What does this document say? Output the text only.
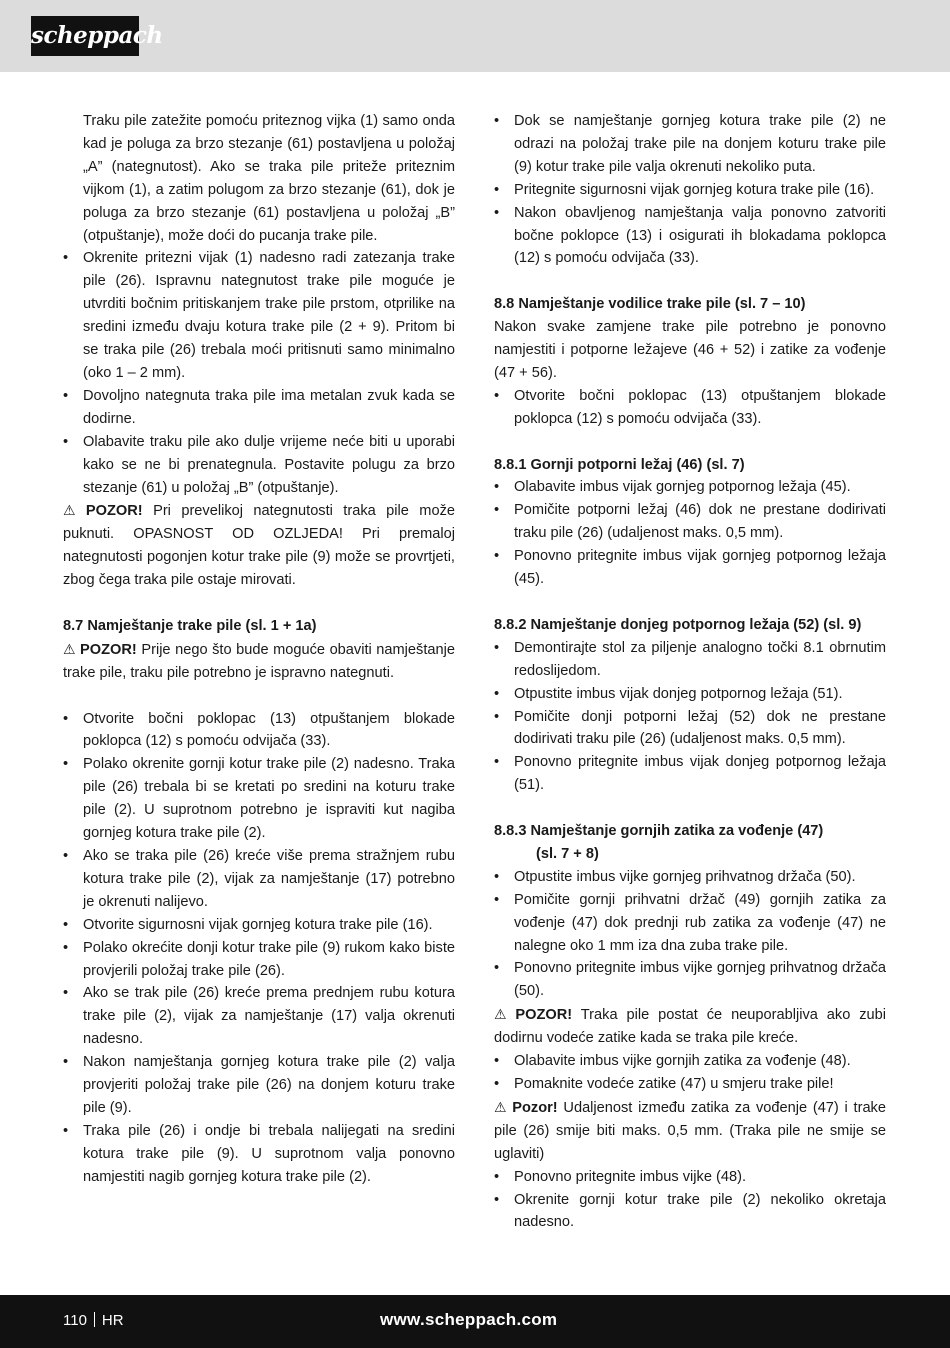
scheppach

Traku pile zatežite pomoću priteznog vijka (1) samo onda kad je poluga za brzo stezanje (61) postavljena u položaj „A” (nategnutost). Ako se traka pile priteže priteznim vijkom (1), a zatim polugom za brzo stezanje (61), dok je poluga za brzo stezanje (61) postavljena u položaj „B” (otpuštanje), može doći do pucanja trake pile.

•	Okrenite pritezni vijak (1) nadesno radi zatezanja trake pile (26). Ispravnu nategnutost trake pile moguće je utvrditi bočnim pritiskanjem trake pile prstom, otprilike na sredini između dvaju kotura trake pile (2 + 9). Pritom bi se traka pile (26) trebala moći pritisnuti samo minimalno (oko 1 – 2 mm).

•	Dovoljno nategnuta traka pile ima metalan zvuk kada se dodirne.

•	Olabavite traku pile ako dulje vrijeme neće biti u uporabi kako se ne bi prenategnula. Postavite polugu za brzo stezanje (61) u položaj „B” (otpuštanje).

⚠ POZOR! Pri prevelikoj nategnutosti traka pile može puknuti. OPASNOST OD OZLJEDA! Pri premaloj nategnutosti pogonjen kotur trake pile (9) može se provrtjeti, zbog čega traka pile ostaje mirovati.

8.7 Namještanje trake pile (sl. 1 + 1a)

⚠ POZOR! Prije nego što bude moguće obaviti namještanje trake pile, traku pile potrebno je ispravno nategnuti.

•	Otvorite bočni poklopac (13) otpuštanjem blokade poklopca (12) s pomoću odvijača (33).

•	Polako okrenite gornji kotur trake pile (2) nadesno. Traka pile (26) trebala bi se kretati po sredini na koturu trake pile (2). U suprotnom potrebno je ispraviti kut nagiba gornjeg kotura trake pile (2).

•	Ako se traka pile (26) kreće više prema stražnjem rubu kotura trake pile (2), vijak za namještanje (17) potrebno je okrenuti nalijevo.

•	Otvorite sigurnosni vijak gornjeg kotura trake pile (16).

•	Polako okrećite donji kotur trake pile (9) rukom kako biste provjerili položaj trake pile (26).

•	Ako se trak pile (26) kreće prema prednjem rubu kotura trake pile (2), vijak za namještanje (17) valja okrenuti nadesno.

•	Nakon namještanja gornjeg kotura trake pile (2) valja provjeriti položaj trake pile (26) na donjem koturu trake pile (9).

•	Traka pile (26) i ondje bi trebala nalijegati na sredini kotura trake pile (9). U suprotnom valja ponovno namjestiti nagib gornjeg kotura trake pile (2).

•	Dok se namještanje gornjeg kotura trake pile (2) ne odrazi na položaj trake pile na donjem koturu trake pile (9) kotur trake pile valja okrenuti nekoliko puta.

•	Pritegnite sigurnosni vijak gornjeg kotura trake pile (16).

•	Nakon obavljenog namještanja valja ponovno zatvoriti bočne poklopce (13) i osigurati ih blokadama poklopca (12) s pomoću odvijača (33).

8.8 Namještanje vodilice trake pile (sl. 7 – 10)

Nakon svake zamjene trake pile potrebno je ponovno namjestiti i potporne ležajeve (46 + 52) i zatike za vođenje (47 + 56).

•	Otvorite bočni poklopac (13) otpuštanjem blokade poklopca (12) s pomoću odvijača (33).

8.8.1 Gornji potporni ležaj (46) (sl. 7)

•	Olabavite imbus vijak gornjeg potpornog ležaja (45).

•	Pomičite potporni ležaj (46) dok ne prestane dodirivati traku pile (26) (udaljenost maks. 0,5 mm).

•	Ponovno pritegnite imbus vijak gornjeg potpornog ležaja (45).

8.8.2 Namještanje donjeg potpornog ležaja (52) (sl. 9)

•	Demontirajte stol za piljenje analogno točki 8.1 obrnutim redoslijedom.

•	Otpustite imbus vijak donjeg potpornog ležaja (51).

•	Pomičite donji potporni ležaj (52) dok ne prestane dodirivati traku pile (26) (udaljenost maks. 0,5 mm).

•	Ponovno pritegnite imbus vijak donjeg potpornog ležaja (51).

8.8.3 Namještanje gornjih zatika za vođenje (47)
(sl. 7 + 8)

•	Otpustite imbus vijke gornjeg prihvatnog držača (50).

•	Pomičite gornji prihvatni držač (49) gornjih zatika za vođenje (47) dok prednji rub zatika za vođenje (47) ne nalegne oko 1 mm iza dna zuba trake pile.

•	Ponovno pritegnite imbus vijke gornjeg prihvatnog držača (50).

⚠ POZOR! Traka pile postat će neuporabljiva ako zubi dodirnu vodeće zatike kada se traka pile kreće.

•	Olabavite imbus vijke gornjih zatika za vođenje (48).

•	Pomaknite vodeće zatike (47) u smjeru trake pile!

⚠ Pozor! Udaljenost između zatika za vođenje (47) i trake pile (26) smije biti maks. 0,5 mm. (Traka pile ne smije se uglaviti)

•	Ponovno pritegnite imbus vijke (48).

•	Okrenite gornji kotur trake pile (2) nekoliko okretaja nadesno.

110 HR	www.scheppach.com
